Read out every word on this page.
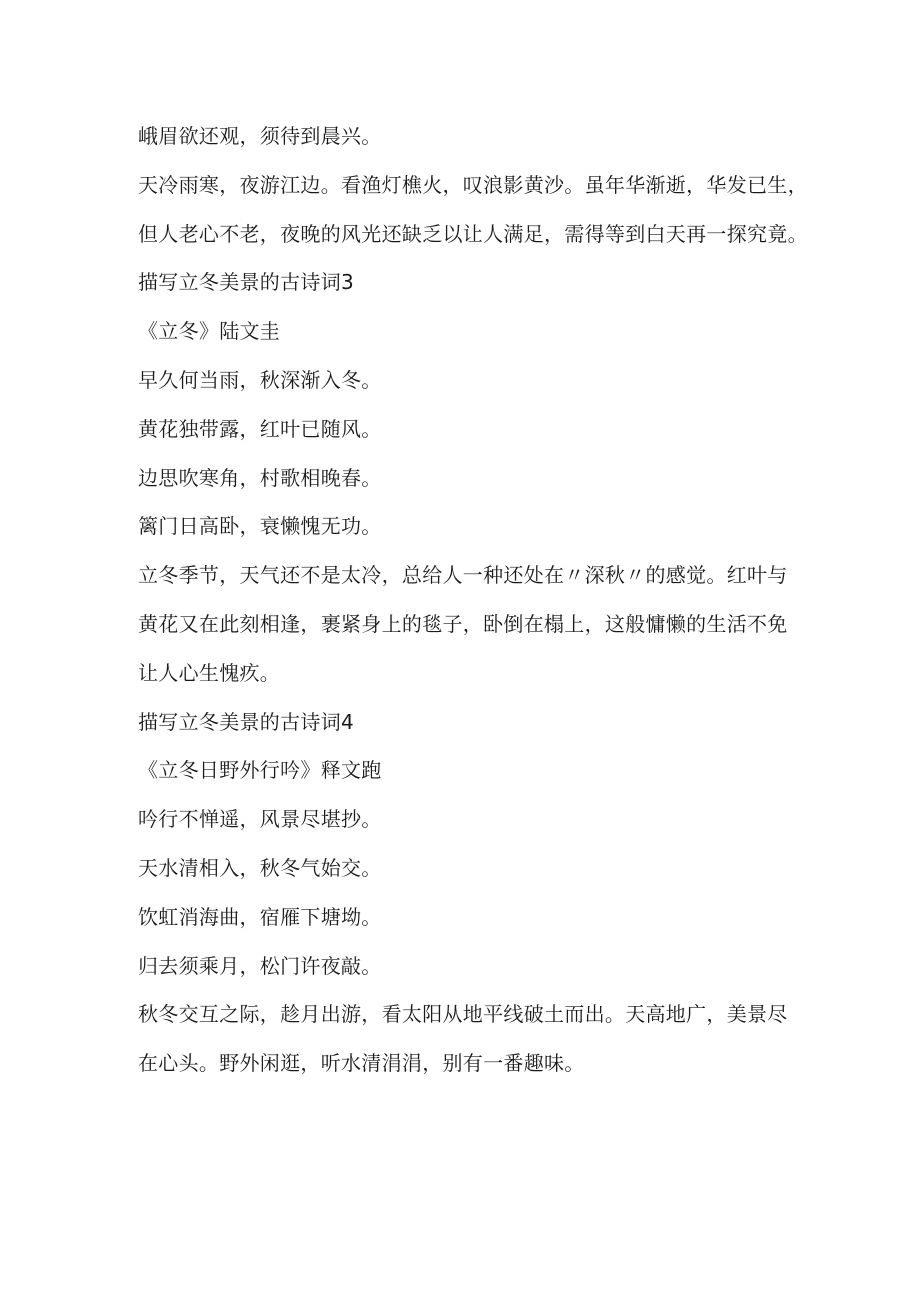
峨眉欲还观，须待到晨兴。
天冷雨寒，夜游江边。看渔灯樵火，叹浪影黄沙。虽年华渐逝，华发已生，
但人老心不老，夜晚的风光还缺乏以让人满足，需得等到白天再一探究竟。
描写立冬美景的古诗词3
《立冬》陆文圭
早久何当雨，秋深渐入冬。
黄花独带露，红叶已随风。
边思吹寒角，村歌相晚春。
篱门日高卧，衰懒愧无功。
立冬季节，天气还不是太冷，总给人一种还处在〃深秋〃的感觉。红叶与
黄花又在此刻相逢，裹紧身上的毯子，卧倒在榻上，这般慵懒的生活不免
让人心生愧疚。
描写立冬美景的古诗词4
《立冬日野外行吟》释文跑
吟行不惮遥，风景尽堪抄。
天水清相入，秋冬气始交。
饮虹消海曲，宿雁下塘坳。
归去须乘月，松门许夜敲。
秋冬交互之际，趁月出游，看太阳从地平线破土而出。天高地广，美景尽
在心头。野外闲逛，听水清涓涓，别有一番趣味。
